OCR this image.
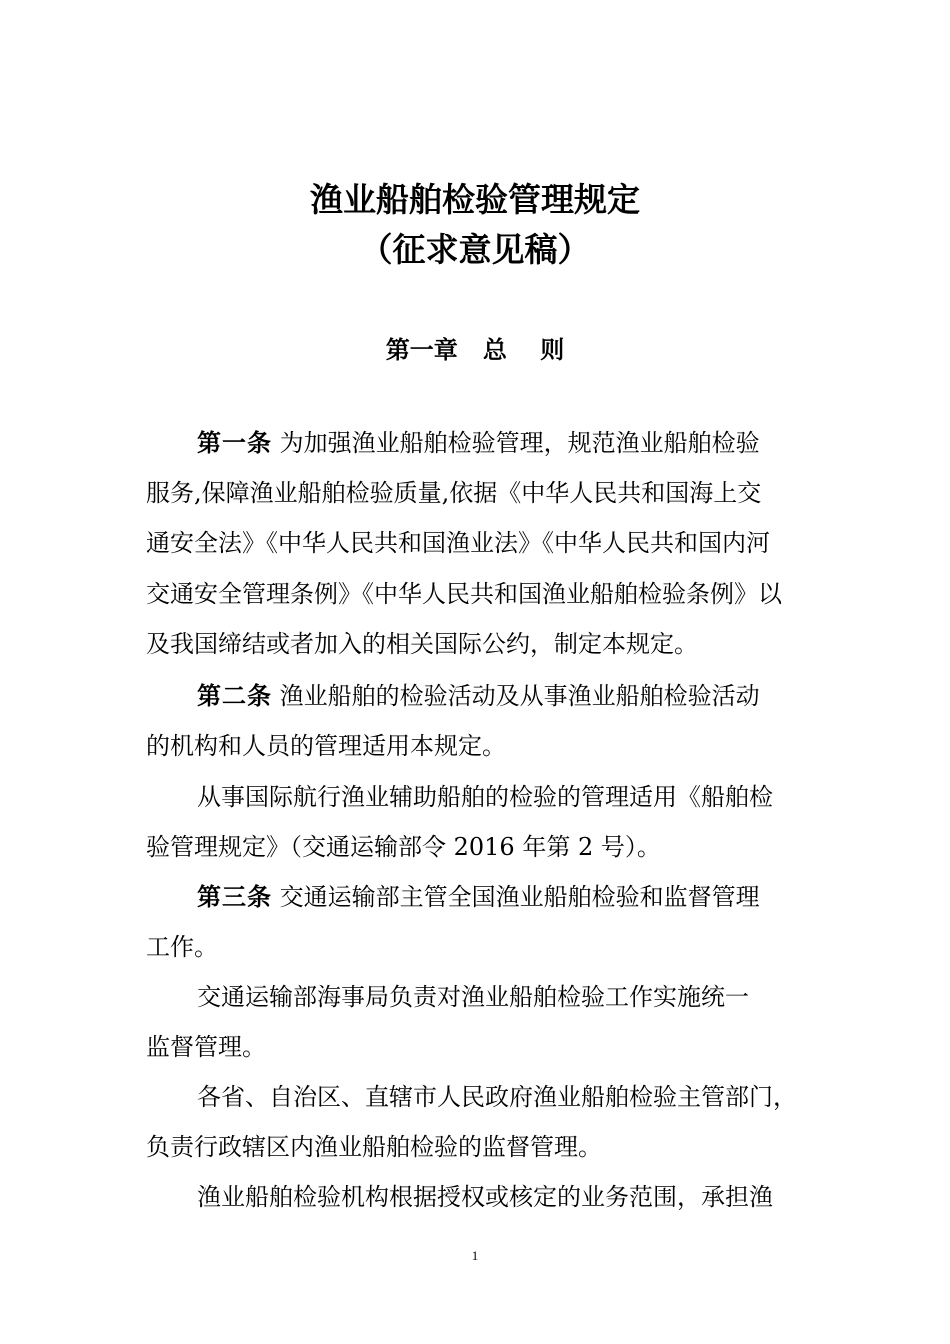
渔业船舶检验管理规定
（征求意见稿）
第一章   总    则

第一条 为加强渔业船舶检验管理，规范渔业船舶检验

服务,保障渔业船舶检验质量,依据《中华人民共和国海上交

通安全法》《中华人民共和国渔业法》《中华人民共和国内河

交通安全管理条例》《中华人民共和国渔业船舶检验条例》以

及我国缔结或者加入的相关国际公约，制定本规定。

第二条 渔业船舶的检验活动及从事渔业船舶检验活动

的机构和人员的管理适用本规定。

从事国际航行渔业辅助船舶的检验的管理适用《船舶检

验管理规定》（交通运输部令 2016 年第 2 号）。

第三条 交通运输部主管全国渔业船舶检验和监督管理

工作。

交通运输部海事局负责对渔业船舶检验工作实施统一

监督管理。

各省、自治区、直辖市人民政府渔业船舶检验主管部门，

负责行政辖区内渔业船舶检验的监督管理。

渔业船舶检验机构根据授权或核定的业务范围，承担渔

1
